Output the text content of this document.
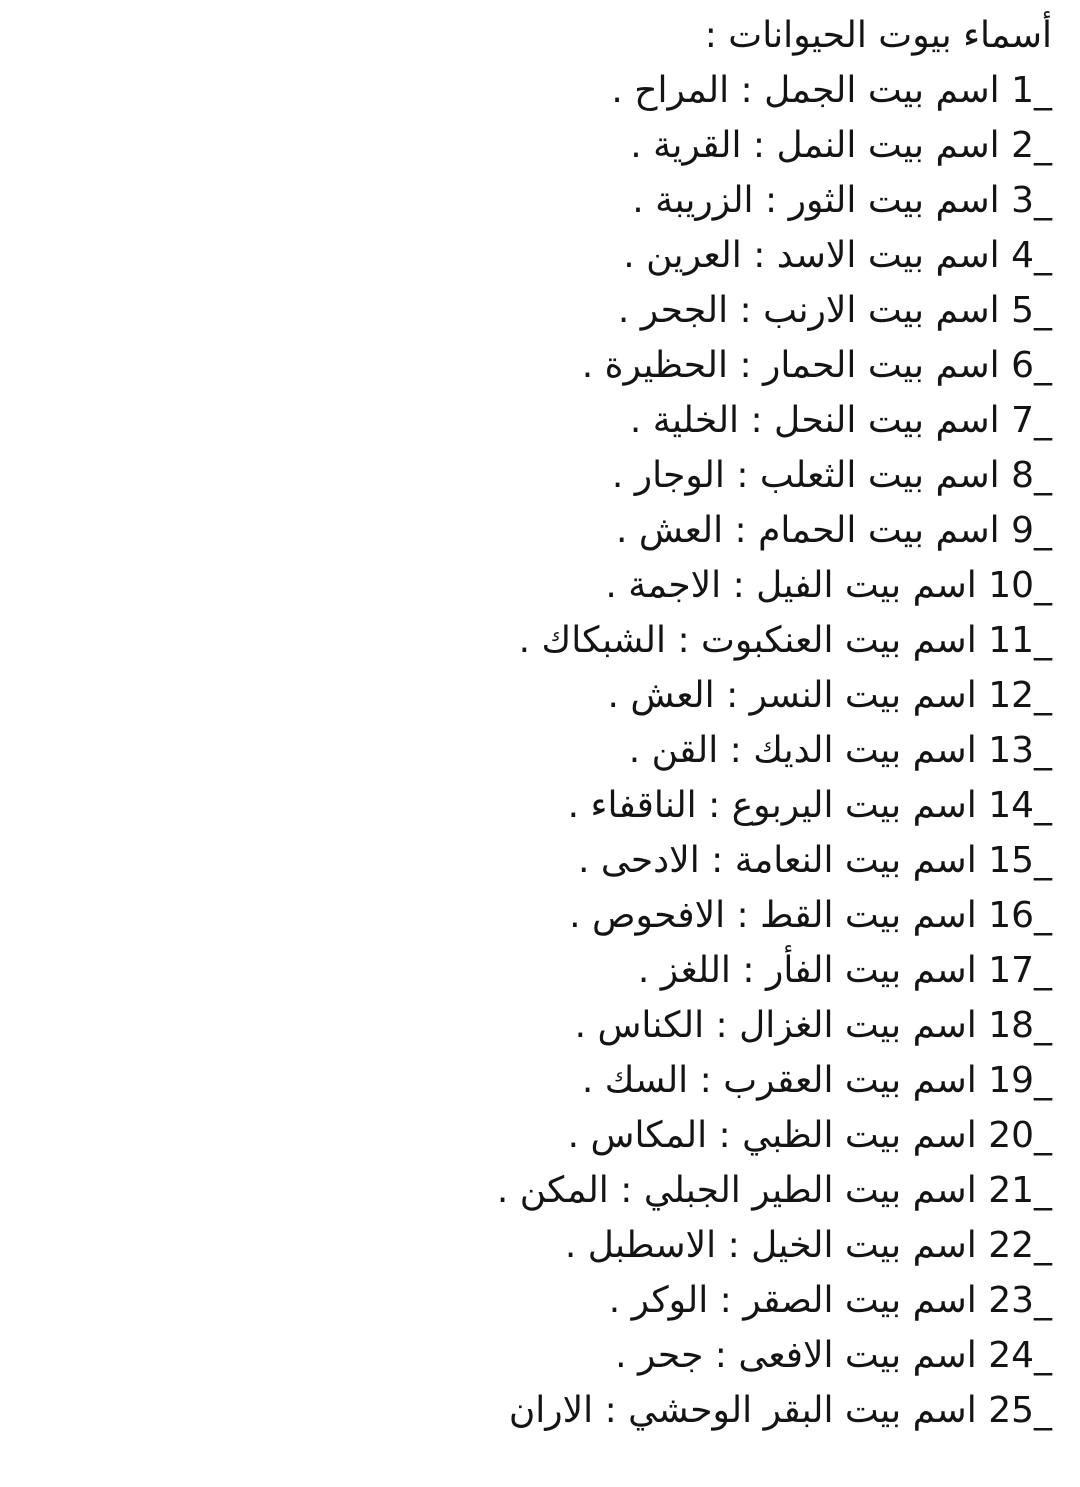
أسماء بيوت الحيوانات :
1_ اسم بيت الجمل : المراح .
2_ اسم بيت النمل : القرية .
3_ اسم بيت الثور : الزريبة .
4_ اسم بيت الاسد : العرين .
5_ اسم بيت الارنب : الجحر .
6_ اسم بيت الحمار : الحظيرة .
7_ اسم بيت النحل : الخلية .
8_ اسم بيت الثعلب : الوجار .
9_ اسم بيت الحمام : العش .
10_ اسم بيت الفيل : الاجمة .
11_ اسم بيت العنكبوت : الشبكاك .
12_ اسم بيت النسر : العش .
13_ اسم بيت الديك : القن .
14_ اسم بيت اليربوع : الناقفاء .
15_ اسم بيت النعامة : الادحى .
16_ اسم بيت القط : الافحوص .
17_ اسم بيت الفأر : اللغز .
18_ اسم بيت الغزال : الكناس .
19_ اسم بيت العقرب : السك .
20_ اسم بيت الظبي : المكاس .
21_ اسم بيت الطير الجبلي : المكن .
22_ اسم بيت الخيل : الاسطبل .
23_ اسم بيت الصقر : الوكر .
24_ اسم بيت الافعى : جحر .
25_ اسم بيت البقر الوحشي : الاران
